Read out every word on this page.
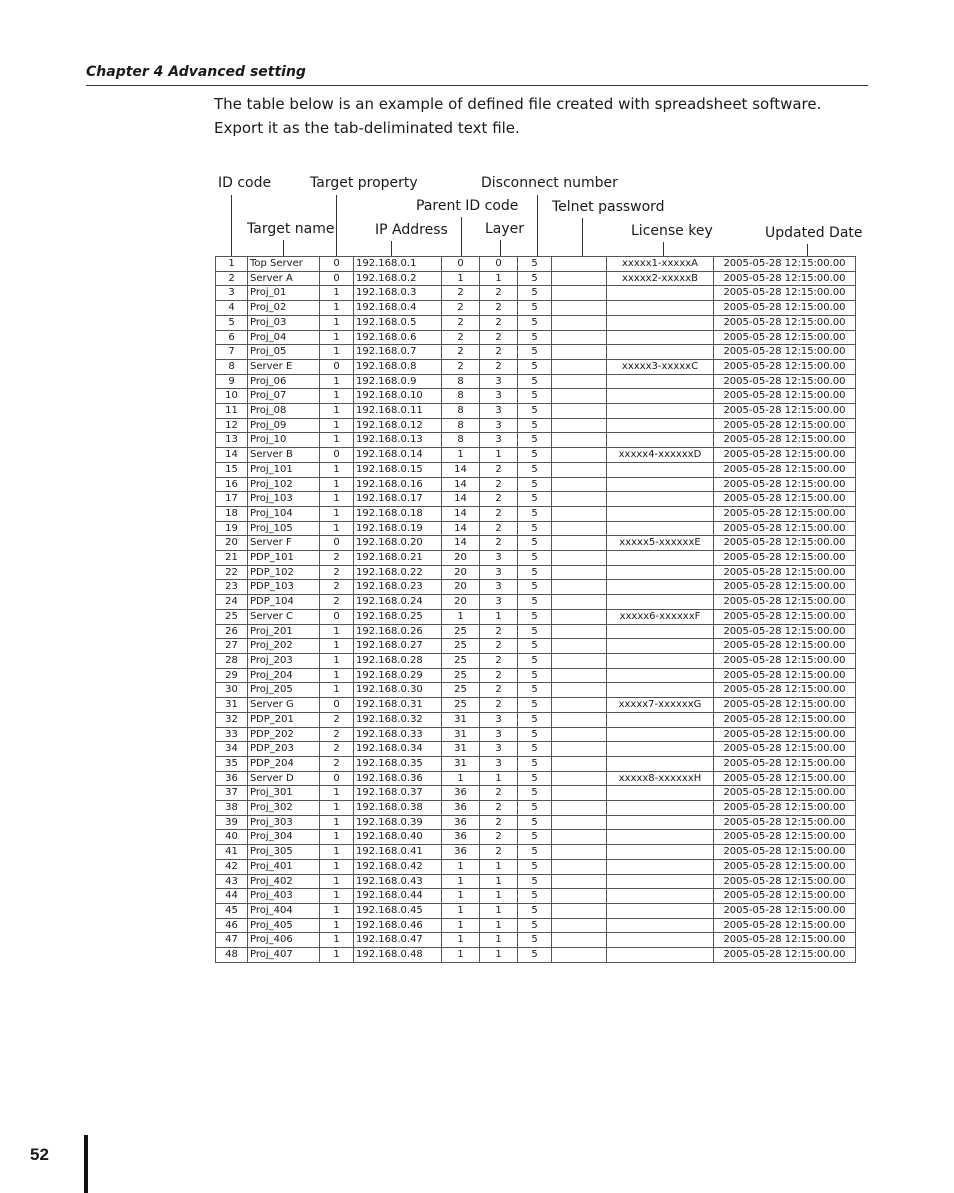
Chapter 4 Advanced setting
The table below is an example of defined file created with spreadsheet software. Export it as the tab-deliminated text file.
ID code	Target property	Disconnect number
Parent ID code Telnet password
Target name	IP Address	Layer	License key	Updated Date
1	Top Server	0	192.168.0.1	0	0	5		xxxxx1-xxxxxA	2005-05-28 12:15:00.00
2	Server A	0	192.168.0.2	1	1	5		xxxxx2-xxxxxB	2005-05-28 12:15:00.00
3	Proj_01	1	192.168.0.3	2	2	5			2005-05-28 12:15:00.00
4	Proj_02	1	192.168.0.4	2	2	5			2005-05-28 12:15:00.00
5	Proj_03	1	192.168.0.5	2	2	5			2005-05-28 12:15:00.00
6	Proj_04	1	192.168.0.6	2	2	5			2005-05-28 12:15:00.00
7	Proj_05	1	192.168.0.7	2	2	5			2005-05-28 12:15:00.00
8	Server E	0	192.168.0.8	2	2	5		xxxxx3-xxxxxC	2005-05-28 12:15:00.00
9	Proj_06	1	192.168.0.9	8	3	5			2005-05-28 12:15:00.00
10	Proj_07	1	192.168.0.10	8	3	5			2005-05-28 12:15:00.00
11	Proj_08	1	192.168.0.11	8	3	5			2005-05-28 12:15:00.00
12	Proj_09	1	192.168.0.12	8	3	5			2005-05-28 12:15:00.00
13	Proj_10	1	192.168.0.13	8	3	5			2005-05-28 12:15:00.00
14	Server B	0	192.168.0.14	1	1	5		xxxxx4-xxxxxxD	2005-05-28 12:15:00.00
15	Proj_101	1	192.168.0.15	14	2	5			2005-05-28 12:15:00.00
16	Proj_102	1	192.168.0.16	14	2	5			2005-05-28 12:15:00.00
17	Proj_103	1	192.168.0.17	14	2	5			2005-05-28 12:15:00.00
18	Proj_104	1	192.168.0.18	14	2	5			2005-05-28 12:15:00.00
19	Proj_105	1	192.168.0.19	14	2	5			2005-05-28 12:15:00.00
20	Server F	0	192.168.0.20	14	2	5		xxxxx5-xxxxxxE	2005-05-28 12:15:00.00
21	PDP_101	2	192.168.0.21	20	3	5			2005-05-28 12:15:00.00
22	PDP_102	2	192.168.0.22	20	3	5			2005-05-28 12:15:00.00
23	PDP_103	2	192.168.0.23	20	3	5			2005-05-28 12:15:00.00
24	PDP_104	2	192.168.0.24	20	3	5			2005-05-28 12:15:00.00
25	Server C	0	192.168.0.25	1	1	5		xxxxx6-xxxxxxF	2005-05-28 12:15:00.00
26	Proj_201	1	192.168.0.26	25	2	5			2005-05-28 12:15:00.00
27	Proj_202	1	192.168.0.27	25	2	5			2005-05-28 12:15:00.00
28	Proj_203	1	192.168.0.28	25	2	5			2005-05-28 12:15:00.00
29	Proj_204	1	192.168.0.29	25	2	5			2005-05-28 12:15:00.00
30	Proj_205	1	192.168.0.30	25	2	5			2005-05-28 12:15:00.00
31	Server G	0	192.168.0.31	25	2	5		xxxxx7-xxxxxxG	2005-05-28 12:15:00.00
32	PDP_201	2	192.168.0.32	31	3	5			2005-05-28 12:15:00.00
33	PDP_202	2	192.168.0.33	31	3	5			2005-05-28 12:15:00.00
34	PDP_203	2	192.168.0.34	31	3	5			2005-05-28 12:15:00.00
35	PDP_204	2	192.168.0.35	31	3	5			2005-05-28 12:15:00.00
36	Server D	0	192.168.0.36	1	1	5		xxxxx8-xxxxxxH	2005-05-28 12:15:00.00
37	Proj_301	1	192.168.0.37	36	2	5			2005-05-28 12:15:00.00
38	Proj_302	1	192.168.0.38	36	2	5			2005-05-28 12:15:00.00
39	Proj_303	1	192.168.0.39	36	2	5			2005-05-28 12:15:00.00
40	Proj_304	1	192.168.0.40	36	2	5			2005-05-28 12:15:00.00
41	Proj_305	1	192.168.0.41	36	2	5			2005-05-28 12:15:00.00
42	Proj_401	1	192.168.0.42	1	1	5			2005-05-28 12:15:00.00
43	Proj_402	1	192.168.0.43	1	1	5			2005-05-28 12:15:00.00
44	Proj_403	1	192.168.0.44	1	1	5			2005-05-28 12:15:00.00
45	Proj_404	1	192.168.0.45	1	1	5			2005-05-28 12:15:00.00
46	Proj_405	1	192.168.0.46	1	1	5			2005-05-28 12:15:00.00
47	Proj_406	1	192.168.0.47	1	1	5			2005-05-28 12:15:00.00
48	Proj_407	1	192.168.0.48	1	1	5			2005-05-28 12:15:00.00
52
